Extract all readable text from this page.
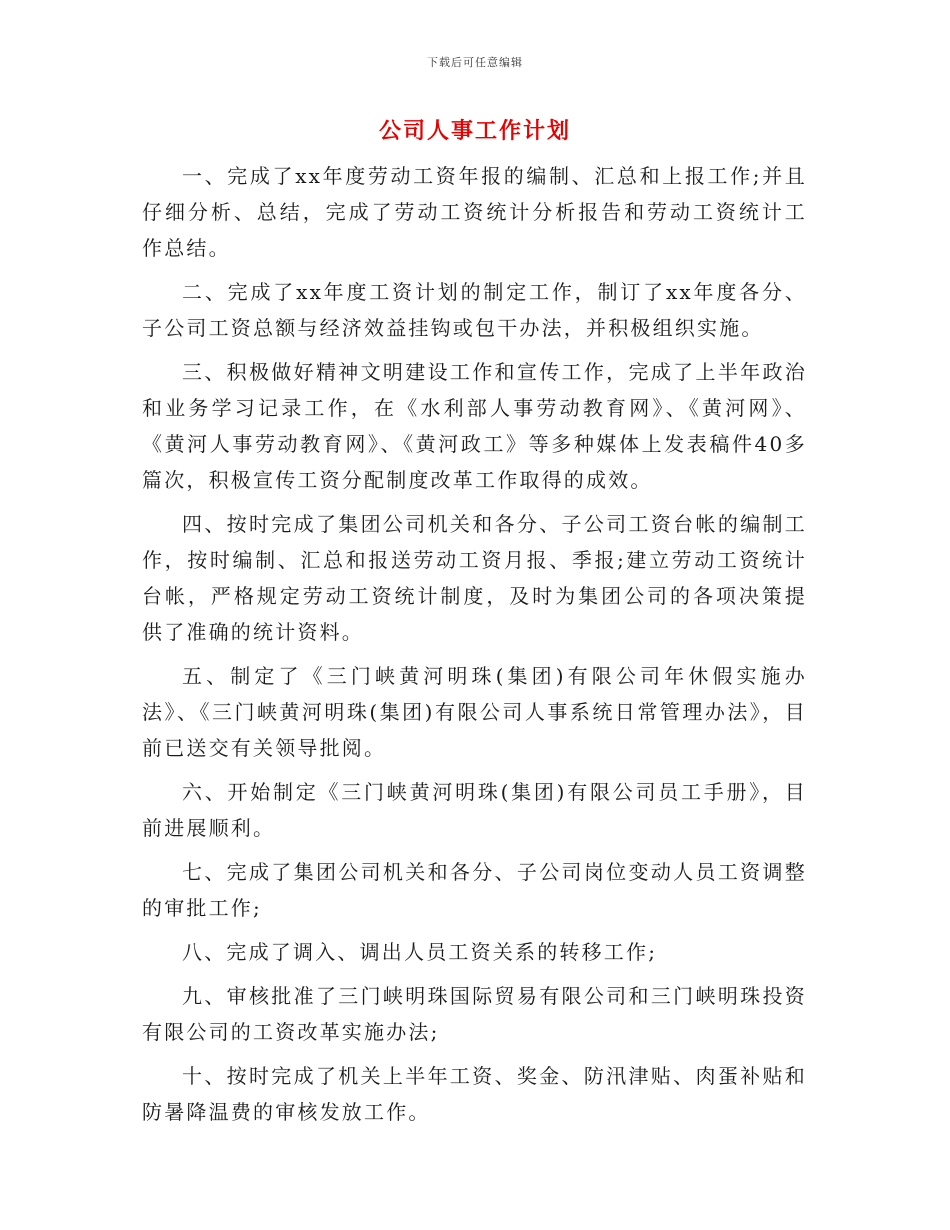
下载后可任意编辑
公司人事工作计划

一、完成了xx年度劳动工资年报的编制、汇总和上报工作;并且仔细分析、总结，完成了劳动工资统计分析报告和劳动工资统计工作总结。

二、完成了xx年度工资计划的制定工作，制订了xx年度各分、子公司工资总额与经济效益挂钩或包干办法，并积极组织实施。

三、积极做好精神文明建设工作和宣传工作，完成了上半年政治和业务学习记录工作，在《水利部人事劳动教育网》、《黄河网》、《黄河人事劳动教育网》、《黄河政工》等多种媒体上发表稿件40多篇次，积极宣传工资分配制度改革工作取得的成效。

四、按时完成了集团公司机关和各分、子公司工资台帐的编制工作，按时编制、汇总和报送劳动工资月报、季报;建立劳动工资统计台帐，严格规定劳动工资统计制度，及时为集团公司的各项决策提供了准确的统计资料。

五、制定了《三门峡黄河明珠(集团)有限公司年休假实施办法》、《三门峡黄河明珠(集团)有限公司人事系统日常管理办法》，目前已送交有关领导批阅。

六、开始制定《三门峡黄河明珠(集团)有限公司员工手册》，目前进展顺利。

七、完成了集团公司机关和各分、子公司岗位变动人员工资调整的审批工作;

八、完成了调入、调出人员工资关系的转移工作;

九、审核批准了三门峡明珠国际贸易有限公司和三门峡明珠投资有限公司的工资改革实施办法;

十、按时完成了机关上半年工资、奖金、防汛津贴、肉蛋补贴和防暑降温费的审核发放工作。
